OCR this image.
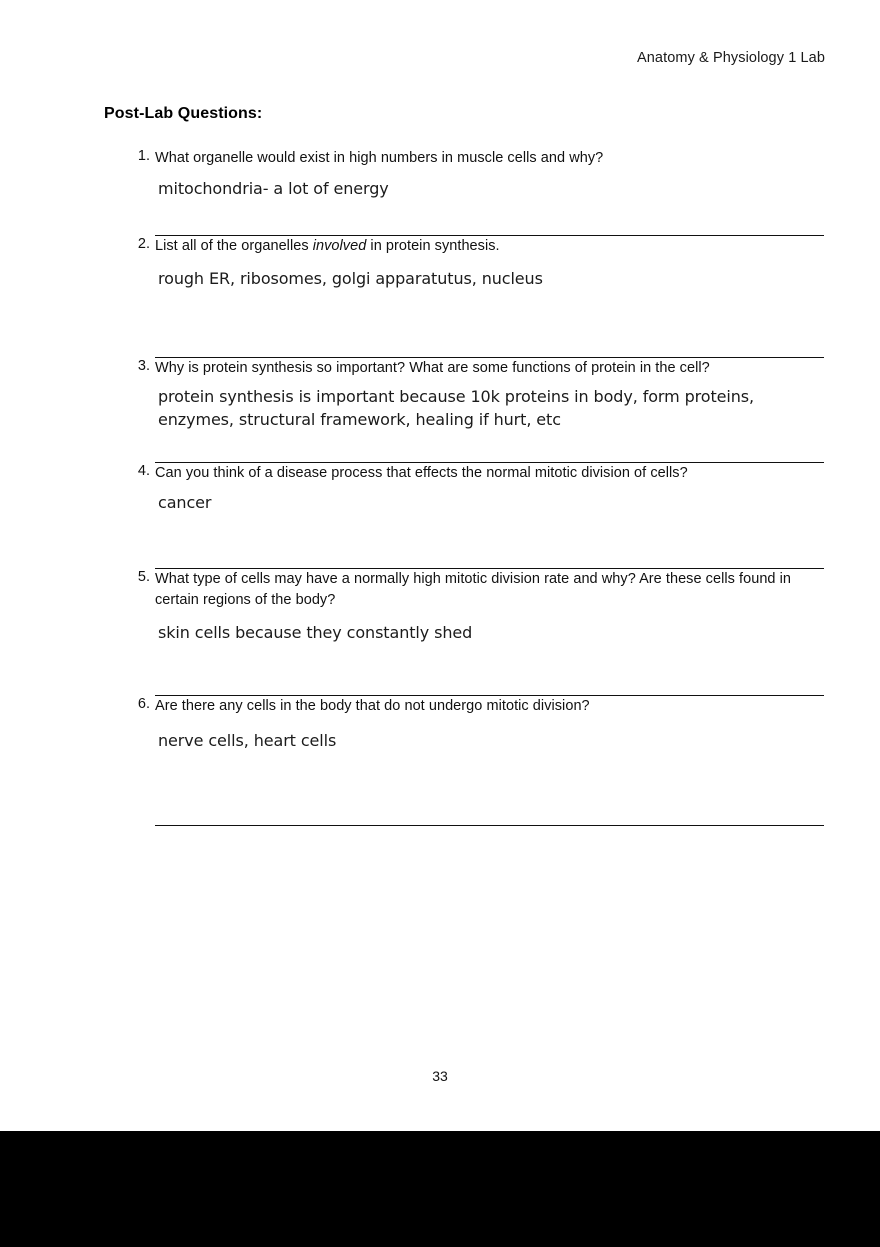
Anatomy & Physiology 1 Lab
Post-Lab Questions:
1. What organelle would exist in high numbers in muscle cells and why?
mitochondria- a lot of energy
2. List all of the organelles involved in protein synthesis.
rough ER, ribosomes, golgi apparatutus, nucleus
3. Why is protein synthesis so important? What are some functions of protein in the cell?
protein synthesis is important because 10k proteins in body, form proteins, enzymes, structural framework, healing if hurt, etc
4. Can you think of a disease process that effects the normal mitotic division of cells?
cancer
5. What type of cells may have a normally high mitotic division rate and why? Are these cells found in certain regions of the body?
skin cells because they constantly shed
6. Are there any cells in the body that do not undergo mitotic division?
nerve cells, heart cells
33
